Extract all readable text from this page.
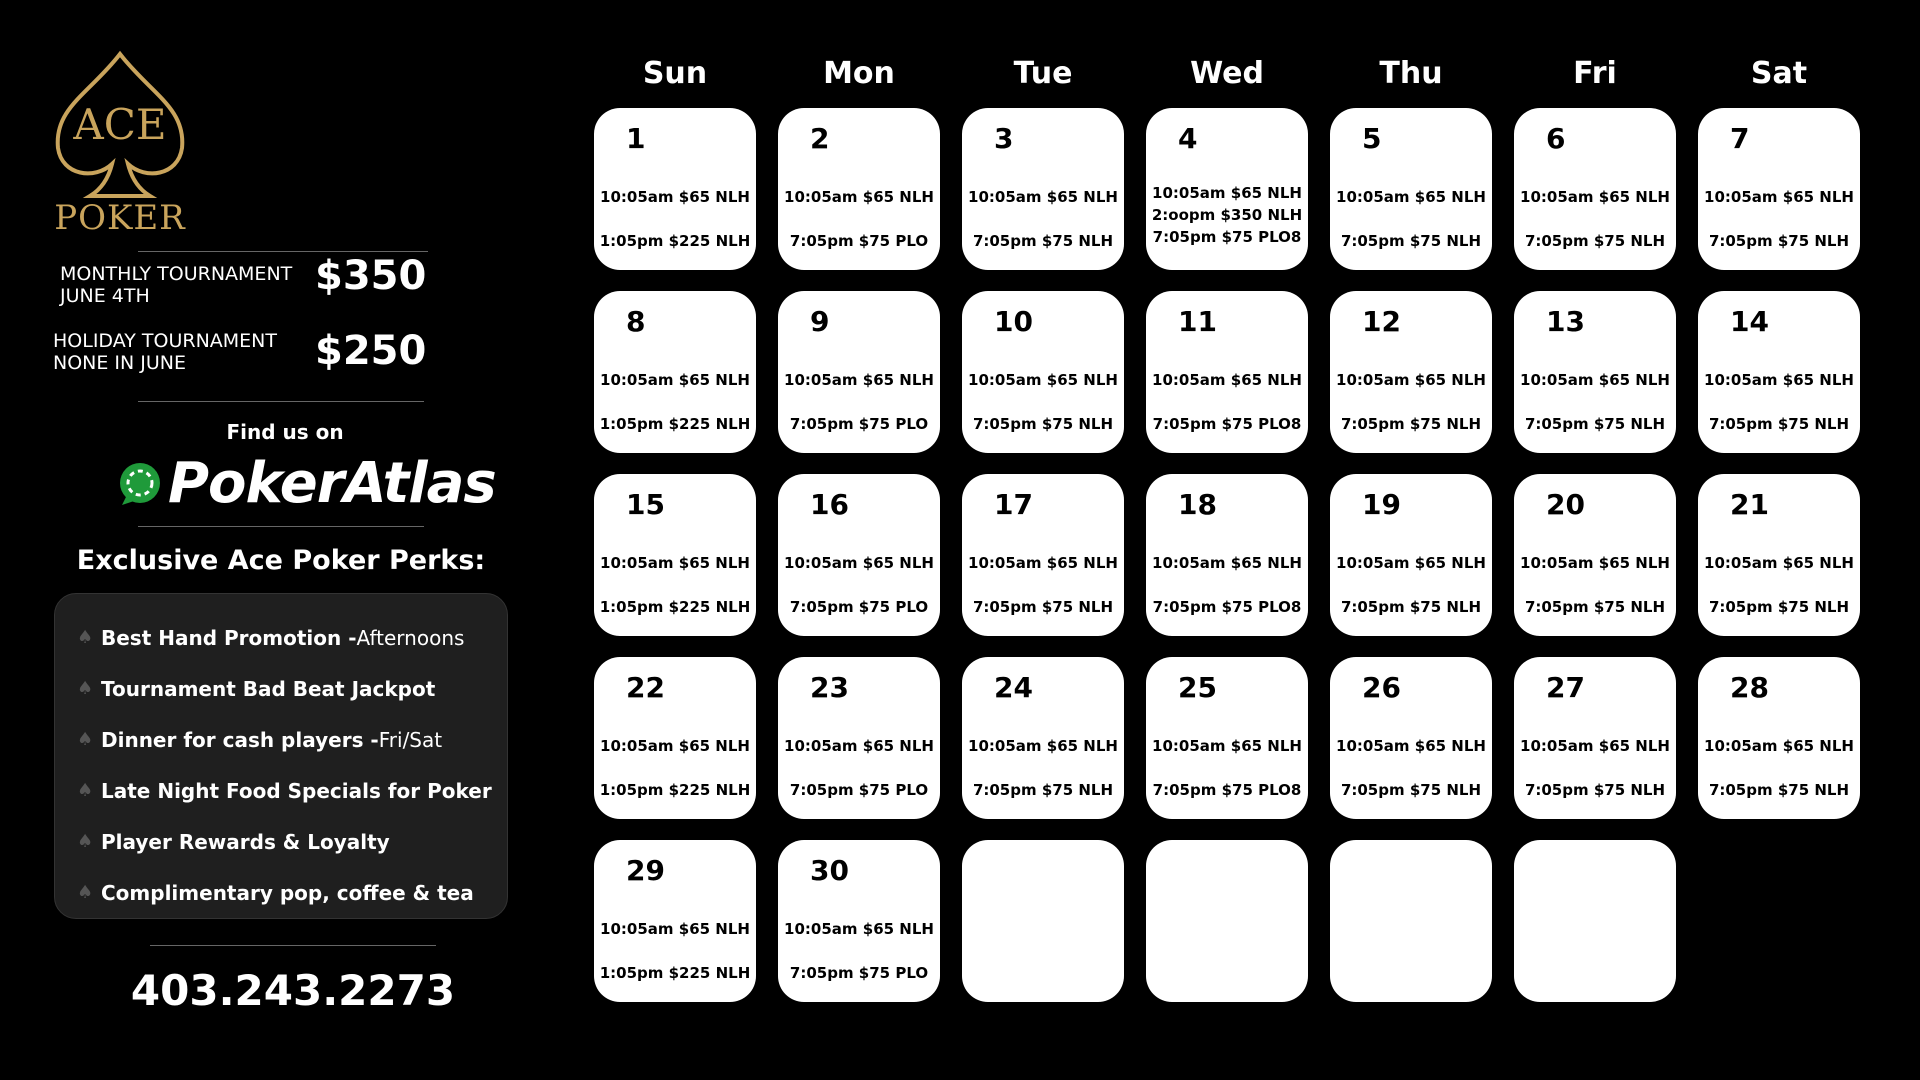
ACE
POKER
MONTHLY TOURNAMENT
JUNE 4TH	$350
HOLIDAY TOURNAMENT
NONE IN JUNE	$250
Find us on
PokerAtlas
Exclusive Ace Poker Perks:
♠ Best Hand Promotion - Afternoons
♠ Tournament Bad Beat Jackpot
♠ Dinner for cash players - Fri/Sat
♠ Late Night Food Specials for Poker
♠ Player Rewards & Loyalty
♠ Complimentary pop, coffee & tea
403.243.2273
Sun	Mon	Tue	Wed	Thu	Fri	Sat
1
10:05am $65 NLH
1:05pm $225 NLH
2
10:05am $65 NLH
7:05pm $75 PLO
3
10:05am $65 NLH
7:05pm $75 NLH
4
10:05am $65 NLH
2:oopm $350 NLH
7:05pm $75 PLO8
5
10:05am $65 NLH
7:05pm $75 NLH
6
10:05am $65 NLH
7:05pm $75 NLH
7
10:05am $65 NLH
7:05pm $75 NLH
8
10:05am $65 NLH
1:05pm $225 NLH
9
10:05am $65 NLH
7:05pm $75 PLO
10
10:05am $65 NLH
7:05pm $75 NLH
11
10:05am $65 NLH
7:05pm $75 PLO8
12
10:05am $65 NLH
7:05pm $75 NLH
13
10:05am $65 NLH
7:05pm $75 NLH
14
10:05am $65 NLH
7:05pm $75 NLH
15
10:05am $65 NLH
1:05pm $225 NLH
16
10:05am $65 NLH
7:05pm $75 PLO
17
10:05am $65 NLH
7:05pm $75 NLH
18
10:05am $65 NLH
7:05pm $75 PLO8
19
10:05am $65 NLH
7:05pm $75 NLH
20
10:05am $65 NLH
7:05pm $75 NLH
21
10:05am $65 NLH
7:05pm $75 NLH
22
10:05am $65 NLH
1:05pm $225 NLH
23
10:05am $65 NLH
7:05pm $75 PLO
24
10:05am $65 NLH
7:05pm $75 NLH
25
10:05am $65 NLH
7:05pm $75 PLO8
26
10:05am $65 NLH
7:05pm $75 NLH
27
10:05am $65 NLH
7:05pm $75 NLH
28
10:05am $65 NLH
7:05pm $75 NLH
29
10:05am $65 NLH
1:05pm $225 NLH
30
10:05am $65 NLH
7:05pm $75 PLO
